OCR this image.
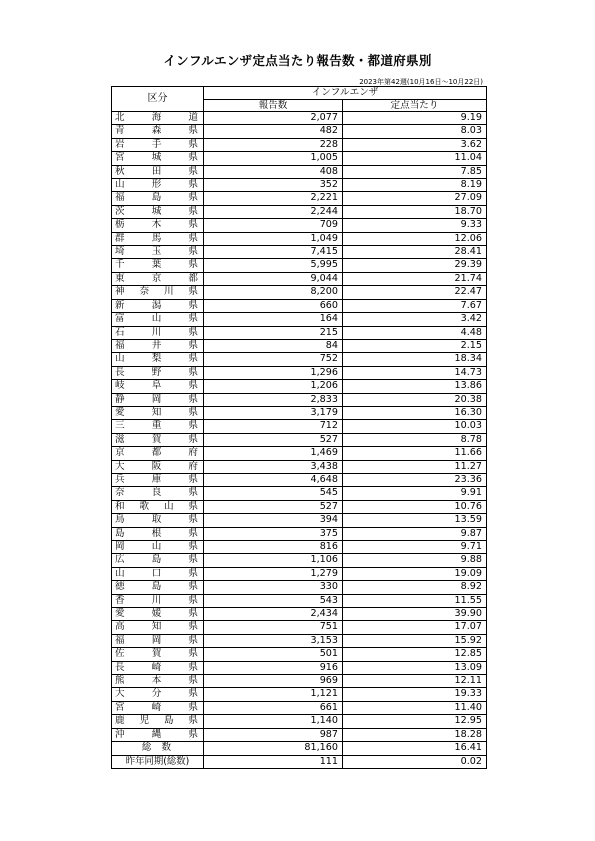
インフルエンザ定点当たり報告数・都道府県別
2023年第42週(10月16日～10月22日)
区分	インフルエンザ	
	報告数	定点当たり

北 海 道	2,077	9.19

青 森 県	482	8.03

岩 手 県	228	3.62

宮 城 県	1,005	11.04

秋 田 県	408	7.85

山 形 県	352	8.19

福 島 県	2,221	27.09

茨 城 県	2,244	18.70

栃 木 県	709	9.33

群 馬 県	1,049	12.06

埼 玉 県	7,415	28.41

千 葉 県	5,995	29.39

東 京 都	9,044	21.74

神 奈 川 県	8,200	22.47

新 潟 県	660	7.67

富 山 県	164	3.42

石 川 県	215	4.48

福 井 県	84	2.15

山 梨 県	752	18.34

長 野 県	1,296	14.73

岐 阜 県	1,206	13.86

静 岡 県	2,833	20.38

愛 知 県	3,179	16.30

三 重 県	712	10.03

滋 賀 県	527	8.78

京 都 府	1,469	11.66

大 阪 府	3,438	11.27

兵 庫 県	4,648	23.36

奈 良 県	545	9.91

和 歌 山 県	527	10.76

鳥 取 県	394	13.59

島 根 県	375	9.87

岡 山 県	816	9.71

広 島 県	1,106	9.88

山 口 県	1,279	19.09

徳 島 県	330	8.92

香 川 県	543	11.55

愛 媛 県	2,434	39.90

高 知 県	751	17.07

福 岡 県	3,153	15.92

佐 賀 県	501	12.85

長 崎 県	916	13.09

熊 本 県	969	12.11

大 分 県	1,121	19.33

宮 崎 県	661	11.40

鹿 児 島 県	1,140	12.95

沖 縄 県	987	18.28
総数	81,160	16.41
昨年同期(総数)	111	0.02
